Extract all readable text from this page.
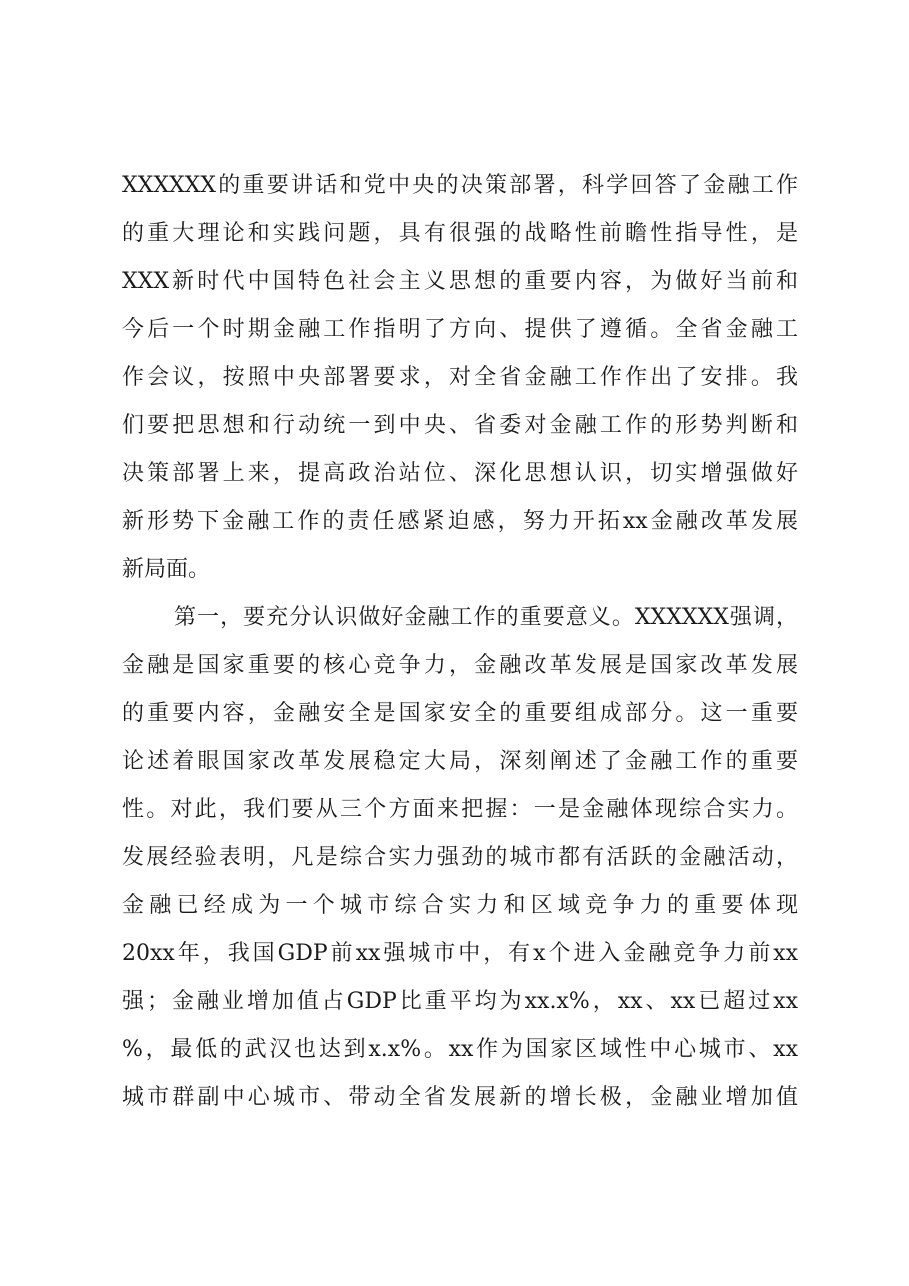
XXXXXX的重要讲话和党中央的决策部署，科学回答了金融工作
的重大理论和实践问题，具有很强的战略性前瞻性指导性，是
XXX新时代中国特色社会主义思想的重要内容，为做好当前和
今后一个时期金融工作指明了方向、提供了遵循。全省金融工
作会议，按照中央部署要求，对全省金融工作作出了安排。我
们要把思想和行动统一到中央、省委对金融工作的形势判断和
决策部署上来，提高政治站位、深化思想认识，切实增强做好
新形势下金融工作的责任感紧迫感，努力开拓xx金融改革发展
新局面。
第一，要充分认识做好金融工作的重要意义。XXXXXX强调，
金融是国家重要的核心竞争力，金融改革发展是国家改革发展
的重要内容，金融安全是国家安全的重要组成部分。这一重要
论述着眼国家改革发展稳定大局，深刻阐述了金融工作的重要
性。对此，我们要从三个方面来把握：一是金融体现综合实力。
发展经验表明，凡是综合实力强劲的城市都有活跃的金融活动，
金融已经成为一个城市综合实力和区域竞争力的重要体现
20xx年，我国GDP前xx强城市中，有x个进入金融竞争力前xx
强；金融业增加值占GDP比重平均为xx.x%，xx、xx已超过xx
%，最低的武汉也达到x.x%。xx作为国家区域性中心城市、xx
城市群副中心城市、带动全省发展新的增长极，金融业增加值
